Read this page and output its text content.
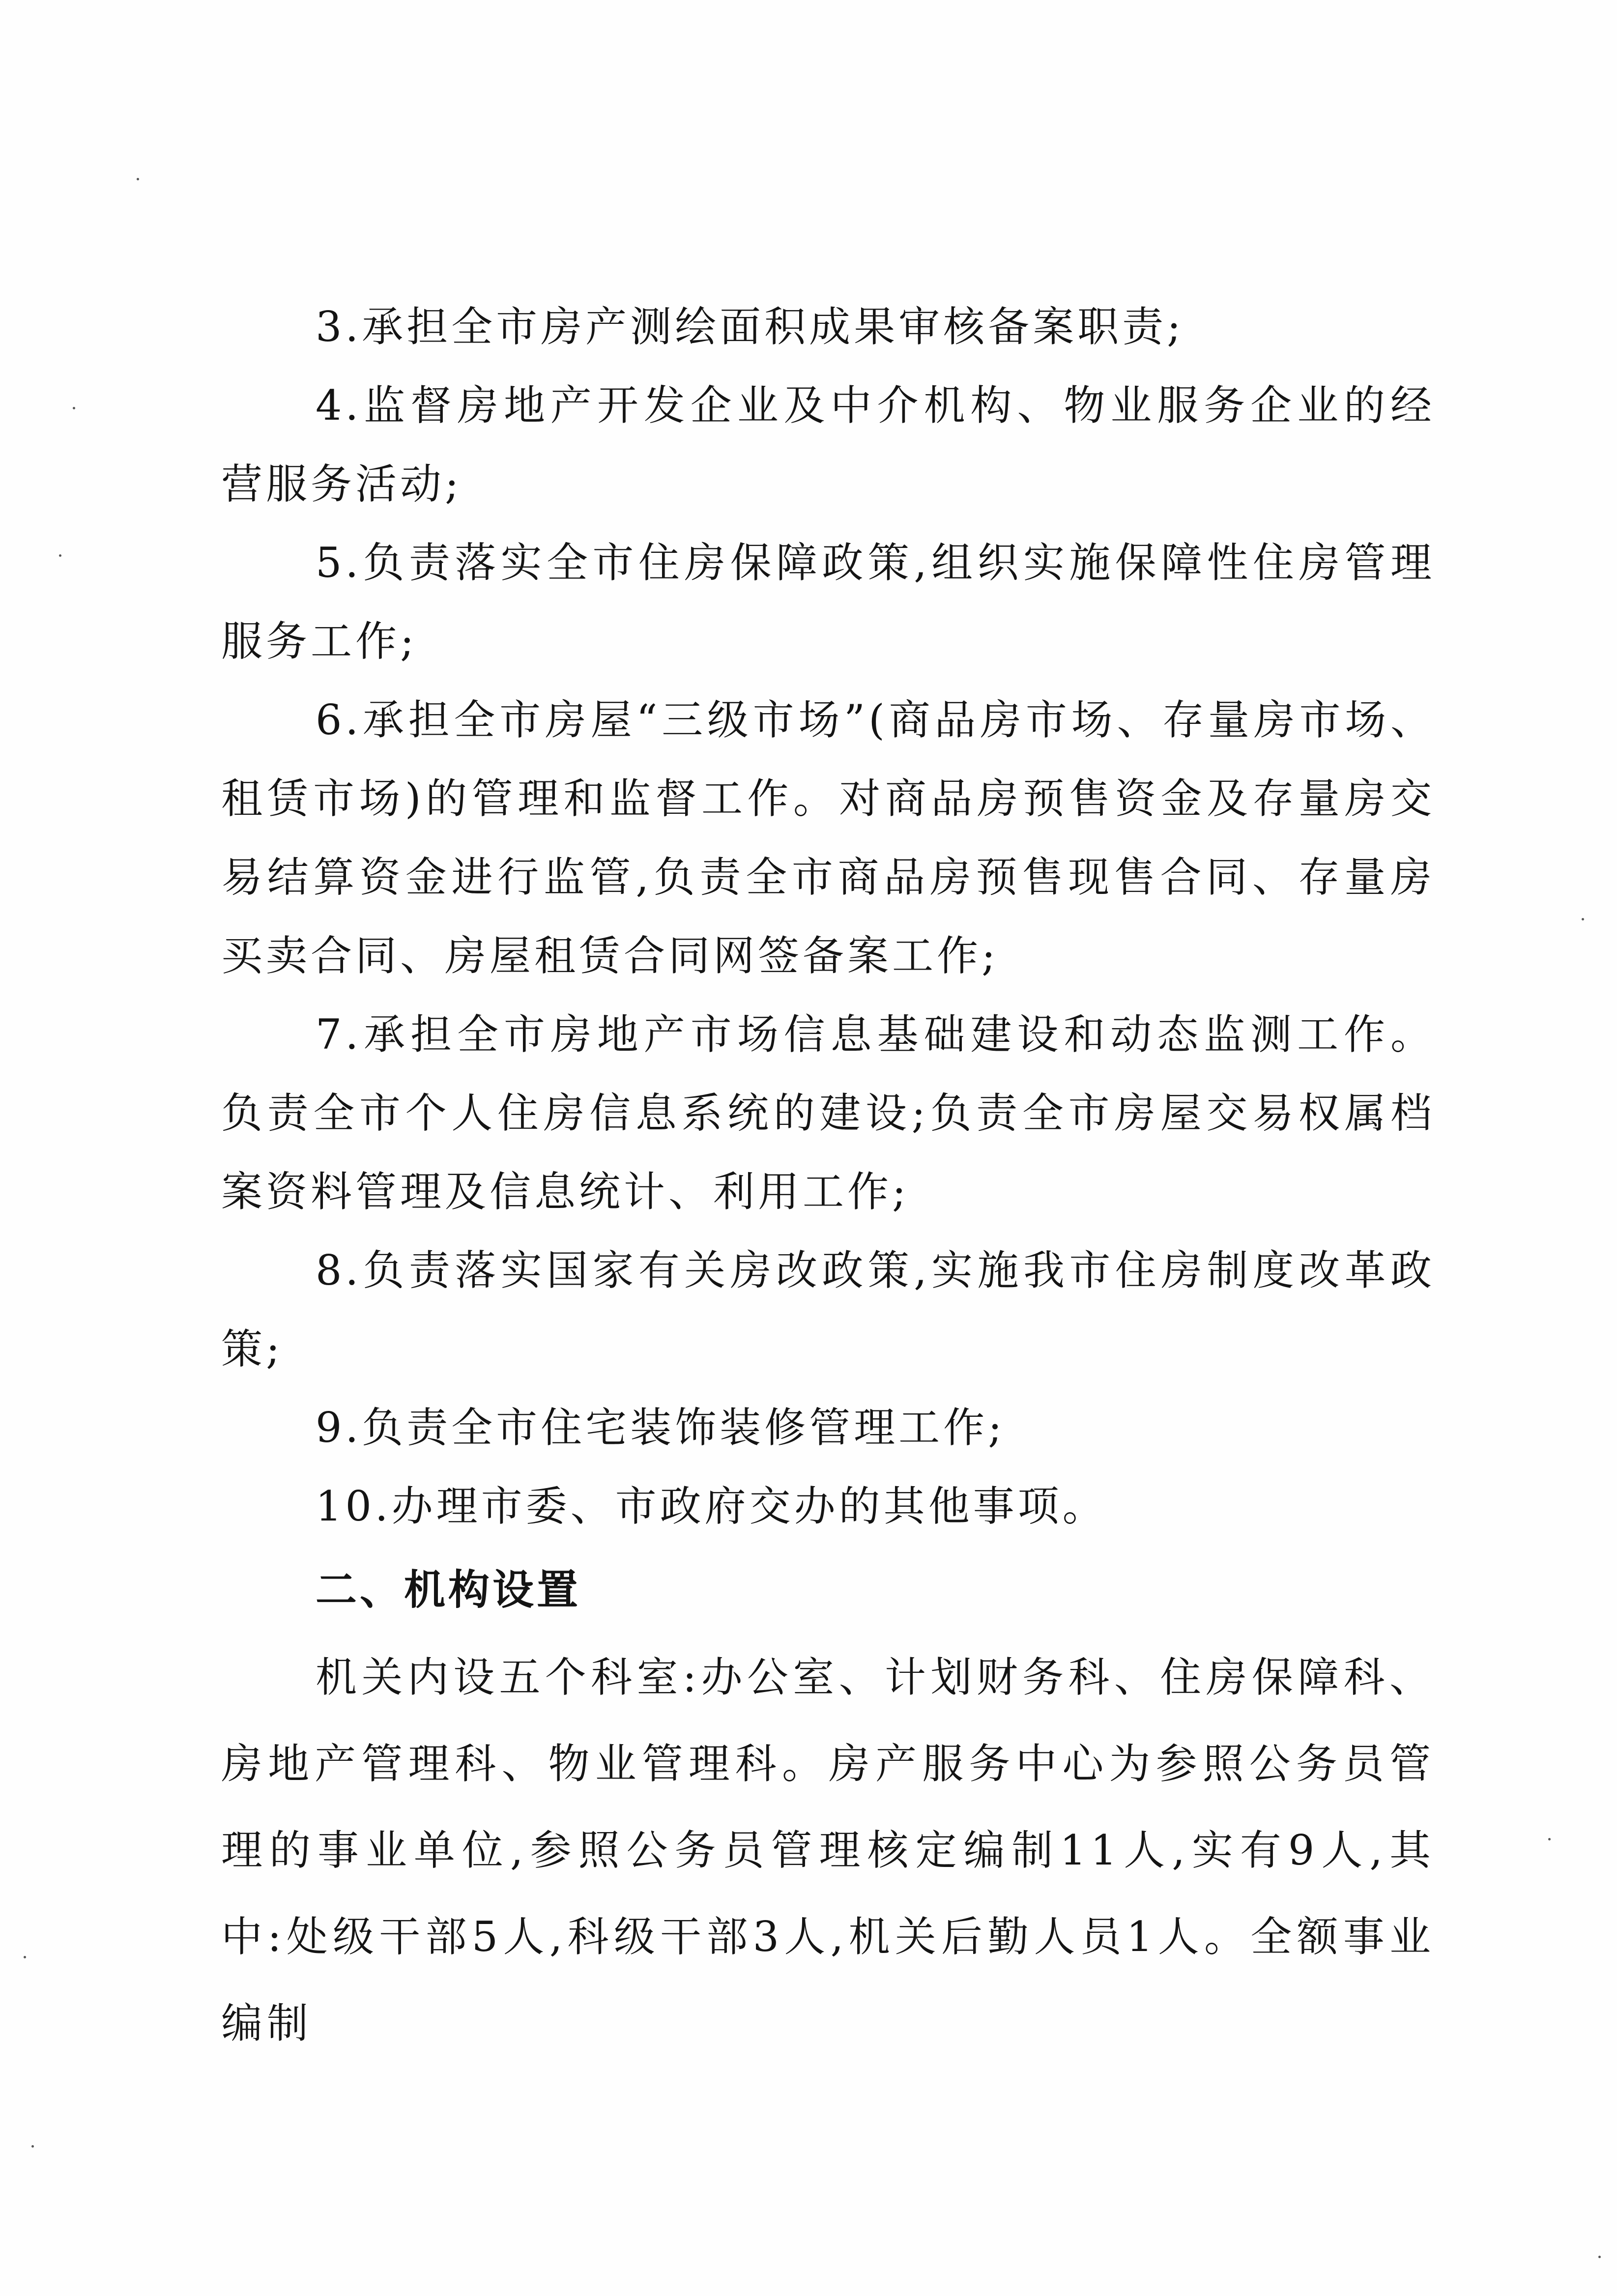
3.承担全市房产测绘面积成果审核备案职责;

4.监督房地产开发企业及中介机构、物业服务企业的经营服务活动;

5.负责落实全市住房保障政策,组织实施保障性住房管理服务工作;

6.承担全市房屋“三级市场”(商品房市场、存量房市场、租赁市场)的管理和监督工作。对商品房预售资金及存量房交易结算资金进行监管,负责全市商品房预售现售合同、存量房买卖合同、房屋租赁合同网签备案工作;

7.承担全市房地产市场信息基础建设和动态监测工作。负责全市个人住房信息系统的建设;负责全市房屋交易权属档案资料管理及信息统计、利用工作;

8.负责落实国家有关房改政策,实施我市住房制度改革政策;

9.负责全市住宅装饰装修管理工作;

10.办理市委、市政府交办的其他事项。

二、机构设置

机关内设五个科室:办公室、计划财务科、住房保障科、房地产管理科、物业管理科。房产服务中心为参照公务员管理的事业单位,参照公务员管理核定编制11人,实有9人,其中:处级干部5人,科级干部3人,机关后勤人员1人。全额事业编制
